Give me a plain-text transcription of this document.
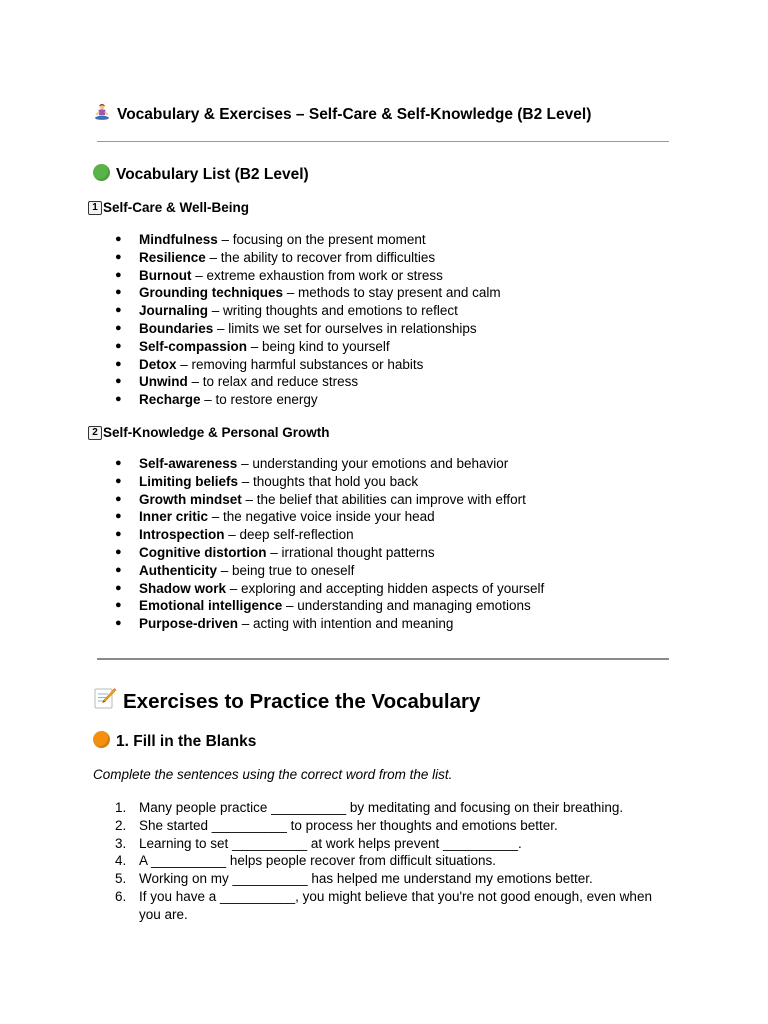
Vocabulary & Exercises – Self-Care & Self-Knowledge (B2 Level)
Vocabulary List (B2 Level)
1 Self-Care & Well-Being
● Mindfulness – focusing on the present moment
● Resilience – the ability to recover from difficulties
● Burnout – extreme exhaustion from work or stress
● Grounding techniques – methods to stay present and calm
● Journaling – writing thoughts and emotions to reflect
● Boundaries – limits we set for ourselves in relationships
● Self-compassion – being kind to yourself
● Detox – removing harmful substances or habits
● Unwind – to relax and reduce stress
● Recharge – to restore energy
2 Self-Knowledge & Personal Growth
● Self-awareness – understanding your emotions and behavior
● Limiting beliefs – thoughts that hold you back
● Growth mindset – the belief that abilities can improve with effort
● Inner critic – the negative voice inside your head
● Introspection – deep self-reflection
● Cognitive distortion – irrational thought patterns
● Authenticity – being true to oneself
● Shadow work – exploring and accepting hidden aspects of yourself
● Emotional intelligence – understanding and managing emotions
● Purpose-driven – acting with intention and meaning
Exercises to Practice the Vocabulary
1. Fill in the Blanks
Complete the sentences using the correct word from the list.
1. Many people practice __________ by meditating and focusing on their breathing.
2. She started __________ to process her thoughts and emotions better.
3. Learning to set __________ at work helps prevent __________.
4. A __________ helps people recover from difficult situations.
5. Working on my __________ has helped me understand my emotions better.
6. If you have a __________, you might believe that you're not good enough, even when you are.
